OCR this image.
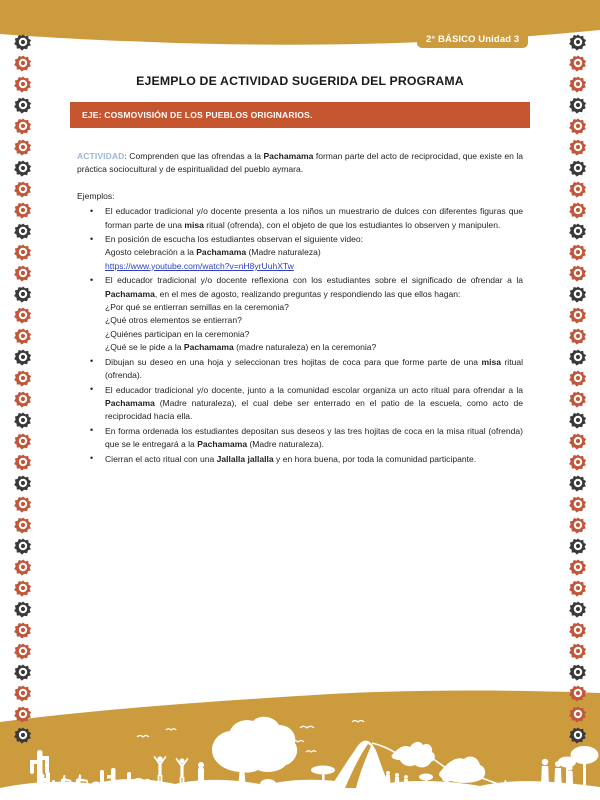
2° BÁSICO Unidad 3
EJEMPLO DE ACTIVIDAD SUGERIDA DEL PROGRAMA
EJE: COSMOVISIÓN DE LOS PUEBLOS ORIGINARIOS.
ACTIVIDAD: Comprenden que las ofrendas a la Pachamama forman parte del acto de reciprocidad, que existe en la práctica sociocultural y de espiritualidad del pueblo aymara.
Ejemplos:
• El educador tradicional y/o docente presenta a los niños un muestrario de dulces con diferentes figuras que forman parte de una misa ritual (ofrenda), con el objeto de que los estudiantes lo observen y manipulen.
• En posición de escucha los estudiantes observan el siguiente video:
Agosto celebración a la Pachamama (Madre naturaleza)
https://www.youtube.com/watch?v=nH8yrUuhXTw
• El educador tradicional y/o docente reflexiona con los estudiantes sobre el significado de ofrendar a la Pachamama, en el mes de agosto, realizando preguntas y respondiendo las que ellos hagan:
¿Por qué se entierran semillas en la ceremonia?
¿Qué otros elementos se entierran?
¿Quiénes participan en la ceremonia?
¿Qué se le pide a la Pachamama (madre naturaleza) en la ceremonia?
• Dibujan su deseo en una hoja y seleccionan tres hojitas de coca para que forme parte de una misa ritual (ofrenda).
• El educador tradicional y/o docente, junto a la comunidad escolar organiza un acto ritual para ofrendar a la Pachamama (Madre naturaleza), el cual debe ser enterrado en el patio de la escuela, como acto de reciprocidad hacia ella.
• En forma ordenada los estudiantes depositan sus deseos y las tres hojitas de coca en la misa ritual (ofrenda) que se le entregará a la Pachamama (Madre naturaleza).
• Cierran el acto ritual con una Jallalla jallalla y en hora buena, por toda la comunidad participante.
